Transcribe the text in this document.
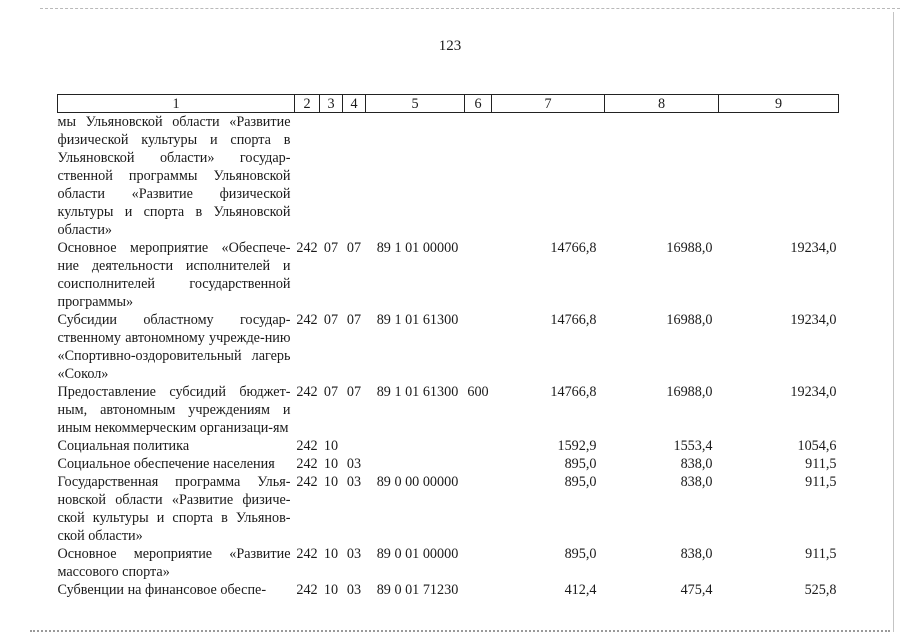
123
1	2	3	4	5	6	7	8	9
мы Ульяновской области «Развитие физической культуры и спорта в Ульяновской области» государ-ственной программы Ульяновской области «Развитие физической культуры и спорта в Ульяновской области»								
Основное мероприятие «Обеспече-ние деятельности исполнителей и соисполнителей государственной программы»	242	07	07	89 1 01 00000		14766,8	16988,0	19234,0
Субсидии областному государ-ственному автономному учрежде-нию «Спортивно-оздоровительный лагерь «Сокол»	242	07	07	89 1 01 61300		14766,8	16988,0	19234,0
Предоставление субсидий бюджет-ным, автономным учреждениям и иным некоммерческим организаци-ям	242	07	07	89 1 01 61300	600	14766,8	16988,0	19234,0
Социальная политика	242	10				1592,9	1553,4	1054,6
Социальное обеспечение населения	242	10	03			895,0	838,0	911,5
Государственная программа Улья-новской области «Развитие физиче-ской культуры и спорта в Ульянов-ской области»	242	10	03	89 0 00 00000		895,0	838,0	911,5
Основное мероприятие «Развитие массового спорта»	242	10	03	89 0 01 00000		895,0	838,0	911,5
Субвенции на финансовое обеспе-	242	10	03	89 0 01 71230		412,4	475,4	525,8
